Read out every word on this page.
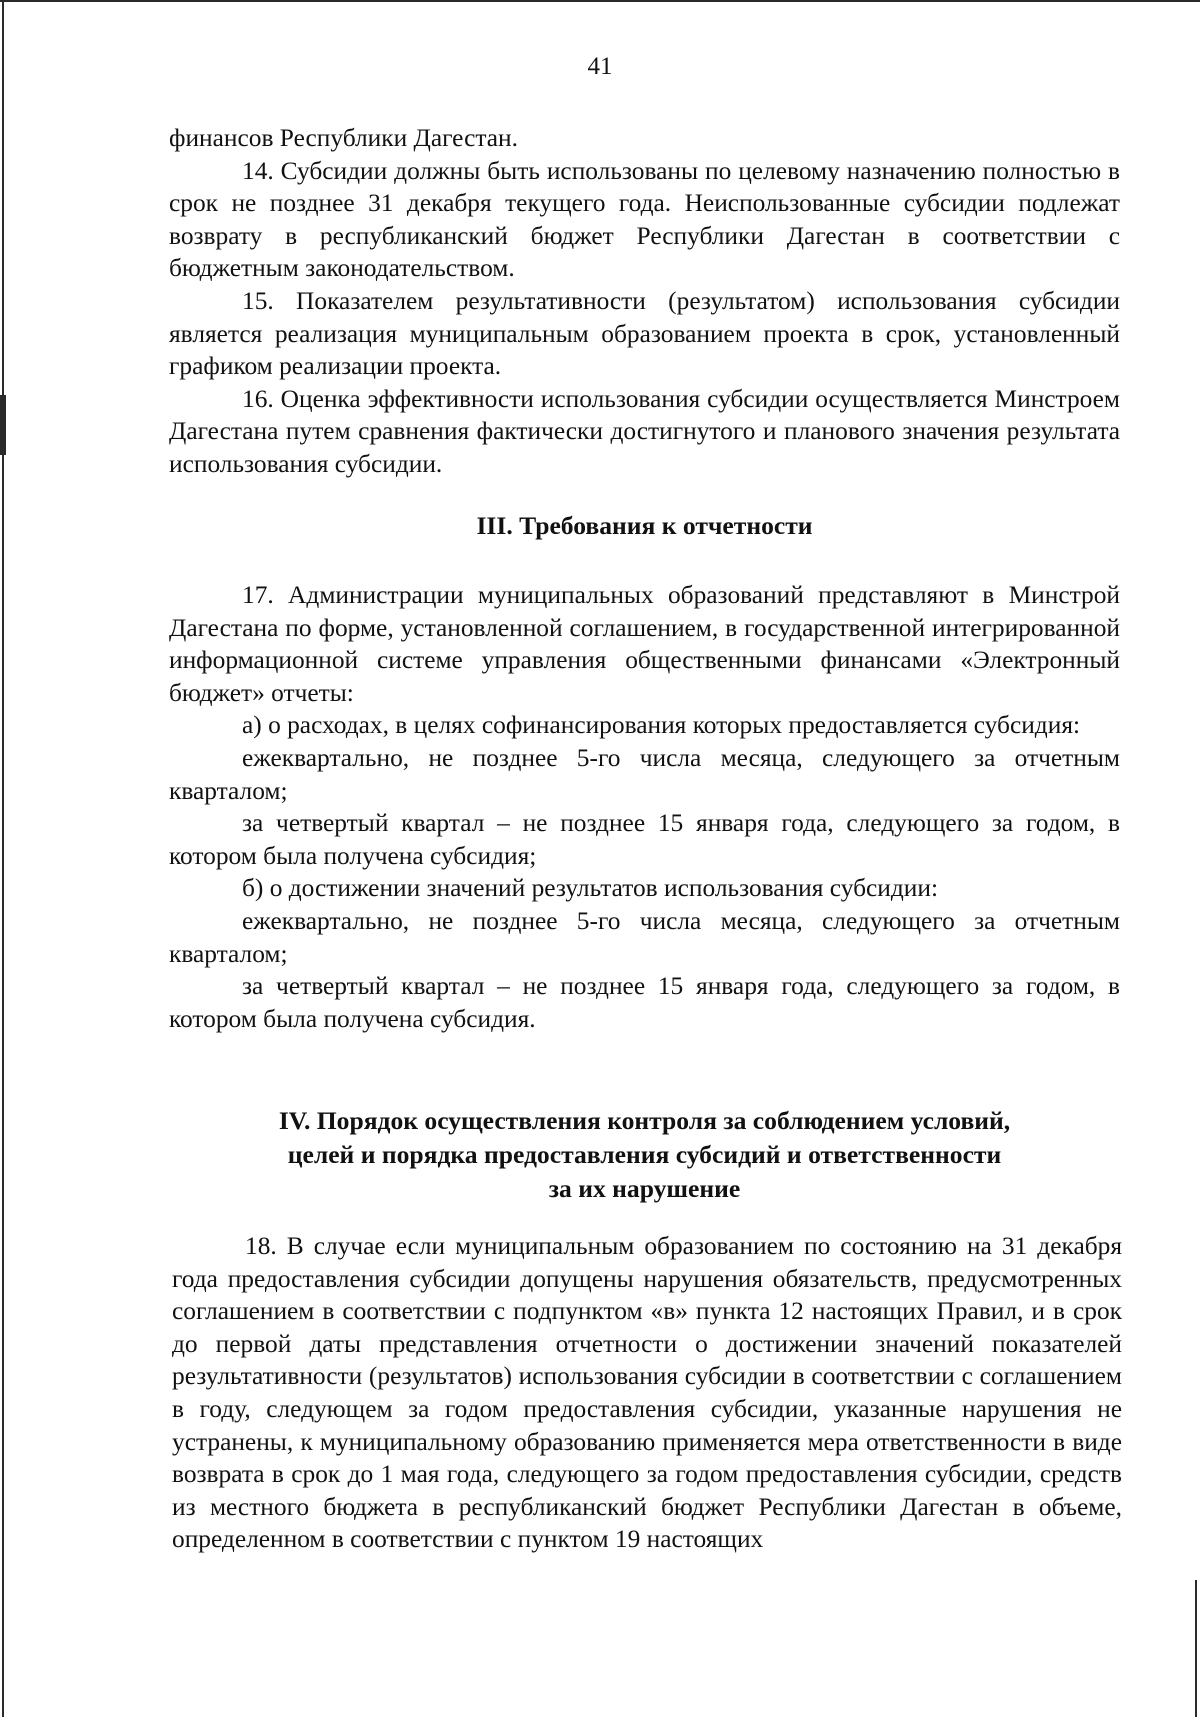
41

финансов Республики Дагестан.

14. Субсидии должны быть использованы по целевому назначению полностью в срок не позднее 31 декабря текущего года. Неиспользованные субсидии подлежат возврату в республиканский бюджет Республики Дагестан в соответствии с бюджетным законодательством.

15. Показателем результативности (результатом) использования субсидии является реализация муниципальным образованием проекта в срок, установленный графиком реализации проекта.

16. Оценка эффективности использования субсидии осуществляется Минстроем Дагестана путем сравнения фактически достигнутого и планового значения результата использования субсидии.

III. Требования к отчетности

17. Администрации муниципальных образований представляют в Минстрой Дагестана по форме, установленной соглашением, в государственной интегрированной информационной системе управления общественными финансами «Электронный бюджет» отчеты:

а) о расходах, в целях софинансирования которых предоставляется субсидия:

ежеквартально, не позднее 5-го числа месяца, следующего за отчетным кварталом;

за четвертый квартал – не позднее 15 января года, следующего за годом, в котором была получена субсидия;

б) о достижении значений результатов использования субсидии:

ежеквартально, не позднее 5-го числа месяца, следующего за отчетным кварталом;

за четвертый квартал – не позднее 15 января года, следующего за годом, в котором была получена субсидия.

IV. Порядок осуществления контроля за соблюдением условий,
целей и порядка предоставления субсидий и ответственности
за их нарушение

18. В случае если муниципальным образованием по состоянию на 31 декабря года предоставления субсидии допущены нарушения обязательств, предусмотренных соглашением в соответствии с подпунктом «в» пункта 12 настоящих Правил, и в срок до первой даты представления отчетности о достижении значений показателей результативности (результатов) использования субсидии в соответствии с соглашением в году, следующем за годом предоставления субсидии, указанные нарушения не устранены, к муниципальному образованию применяется мера ответственности в виде возврата в срок до 1 мая года, следующего за годом предоставления субсидии, средств из местного бюджета в республиканский бюджет Республики Дагестан в объеме, определенном в соответствии с пунктом 19 настоящих
